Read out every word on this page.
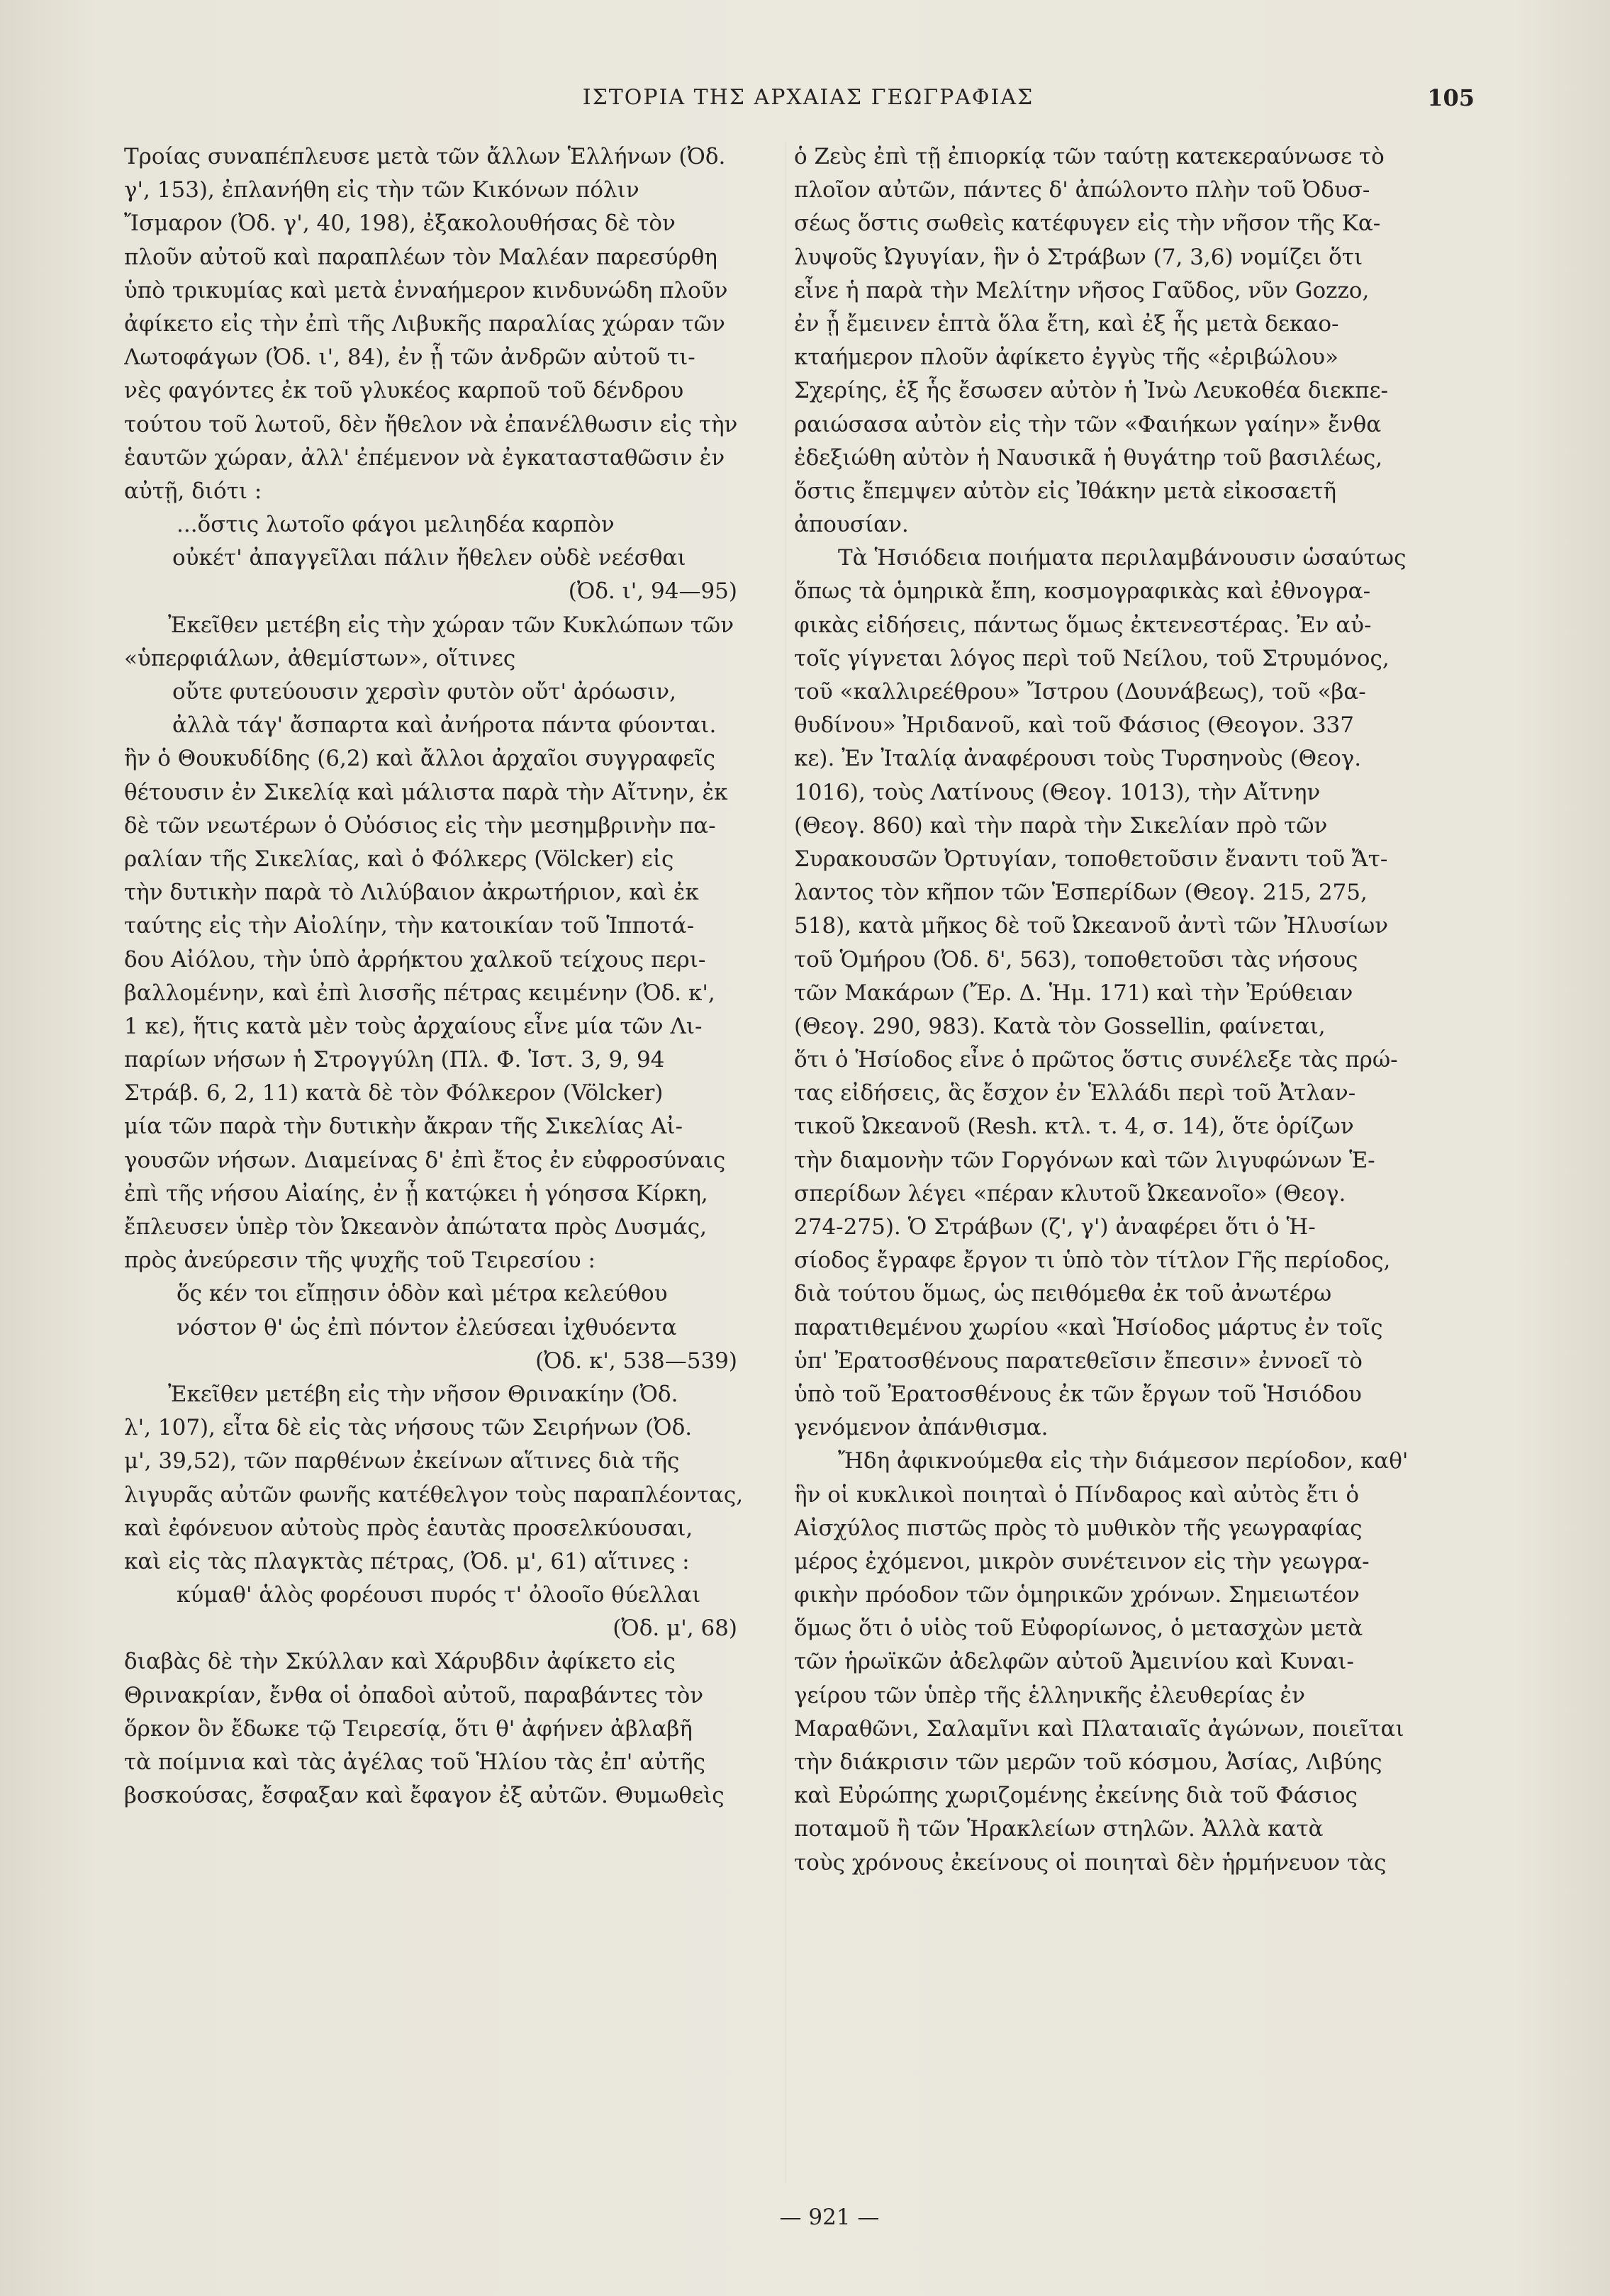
ΙΣΤΟΡΙΑ ΤΗΣ ΑΡΧΑΙΑΣ ΓΕΩΓΡΑΦΙΑΣ	105
Τροίας συναπέπλευσε μετὰ τῶν ἄλλων Ἑλλήνων (Ὀδ.
γ', 153), ἐπλανήθη εἰς τὴν τῶν Κικόνων πόλιν
Ἴσμαρον (Ὀδ. γ', 40, 198), ἐξακολουθήσας δὲ τὸν
πλοῦν αὐτοῦ καὶ παραπλέων τὸν Μαλέαν παρεσύρθη
ὑπὸ τρικυμίας καὶ μετὰ ἐνναήμερον κινδυνώδη πλοῦν
ἀφίκετο εἰς τὴν ἐπὶ τῆς Λιβυκῆς παραλίας χώραν τῶν
Λωτοφάγων (Ὀδ. ι', 84), ἐν ᾗ τῶν ἀνδρῶν αὐτοῦ τι-
νὲς φαγόντες ἐκ τοῦ γλυκέος καρποῦ τοῦ δένδρου
τούτου τοῦ λωτοῦ, δὲν ἤθελον νὰ ἐπανέλθωσιν εἰς τὴν
ἑαυτῶν χώραν, ἀλλ' ἐπέμενον νὰ ἐγκατασταθῶσιν ἐν
αὐτῇ, διότι :
...ὅστις λωτοῖο φάγοι μελιηδέα καρπὸν
οὐκέτ' ἀπαγγεῖλαι πάλιν ἤθελεν οὐδὲ νεέσθαι
(Ὀδ. ι', 94—95)
Ἐκεῖθεν μετέβη εἰς τὴν χώραν τῶν Κυκλώπων τῶν
«ὑπερφιάλων, ἀθεμίστων», οἵτινες
οὔτε φυτεύουσιν χερσὶν φυτὸν οὔτ' ἀρόωσιν,
ἀλλὰ τάγ' ἄσπαρτα καὶ ἀνήροτα πάντα φύονται.
ἣν ὁ Θουκυδίδης (6,2) καὶ ἄλλοι ἀρχαῖοι συγγραφεῖς
θέτουσιν ἐν Σικελίᾳ καὶ μάλιστα παρὰ τὴν Αἴτνην, ἐκ
δὲ τῶν νεωτέρων ὁ Οὐόσιος εἰς τὴν μεσημβρινὴν πα-
ραλίαν τῆς Σικελίας, καὶ ὁ Φόλκερς (Völcker) εἰς
τὴν δυτικὴν παρὰ τὸ Λιλύβαιον ἀκρωτήριον, καὶ ἐκ
ταύτης εἰς τὴν Αἰολίην, τὴν κατοικίαν τοῦ Ἱπποτά-
δου Αἰόλου, τὴν ὑπὸ ἀρρήκτου χαλκοῦ τείχους περι-
βαλλομένην, καὶ ἐπὶ λισσῆς πέτρας κειμένην (Ὀδ. κ',
1 κε), ἥτις κατὰ μὲν τοὺς ἀρχαίους εἶνε μία τῶν Λι-
παρίων νήσων ἡ Στρογγύλη (Πλ. Φ. Ἱστ. 3, 9, 94
Στράβ. 6, 2, 11) κατὰ δὲ τὸν Φόλκερον (Völcker)
μία τῶν παρὰ τὴν δυτικὴν ἄκραν τῆς Σικελίας Αἰ-
γουσῶν νήσων. Διαμείνας δ' ἐπὶ ἔτος ἐν εὐφροσύναις
ἐπὶ τῆς νήσου Αἰαίης, ἐν ᾗ κατῴκει ἡ γόησσα Κίρκη,
ἔπλευσεν ὑπὲρ τὸν Ὠκεανὸν ἀπώτατα πρὸς Δυσμάς,
πρὸς ἀνεύρεσιν τῆς ψυχῆς τοῦ Τειρεσίου :
ὅς κέν τοι εἴπῃσιν ὁδὸν καὶ μέτρα κελεύθου
νόστον θ' ὡς ἐπὶ πόντον ἐλεύσεαι ἰχθυόεντα
(Ὀδ. κ', 538—539)
Ἐκεῖθεν μετέβη εἰς τὴν νῆσον Θρινακίην (Ὀδ.
λ', 107), εἶτα δὲ εἰς τὰς νήσους τῶν Σειρήνων (Ὀδ.
μ', 39,52), τῶν παρθένων ἐκείνων αἵτινες διὰ τῆς
λιγυρᾶς αὐτῶν φωνῆς κατέθελγον τοὺς παραπλέοντας,
καὶ ἐφόνευον αὐτοὺς πρὸς ἑαυτὰς προσελκύουσαι,
καὶ εἰς τὰς πλαγκτὰς πέτρας, (Ὀδ. μ', 61) αἵτινες :
κύμαθ' ἁλὸς φορέουσι πυρός τ' ὀλοοῖο θύελλαι
(Ὀδ. μ', 68)
διαβὰς δὲ τὴν Σκύλλαν καὶ Χάρυβδιν ἀφίκετο εἰς
Θρινακρίαν, ἔνθα οἱ ὀπαδοὶ αὐτοῦ, παραβάντες τὸν
ὅρκον ὃν ἔδωκε τῷ Τειρεσίᾳ, ὅτι θ' ἀφήνεν ἀβλαβῆ
τὰ ποίμνια καὶ τὰς ἀγέλας τοῦ Ἡλίου τὰς ἐπ' αὐτῆς
βοσκούσας, ἔσφαξαν καὶ ἔφαγον ἐξ αὐτῶν. Θυμωθεὶς
ὁ Ζεὺς ἐπὶ τῇ ἐπιορκίᾳ τῶν ταύτῃ κατεκεραύνωσε τὸ
πλοῖον αὐτῶν, πάντες δ' ἀπώλοντο πλὴν τοῦ Ὀδυσ-
σέως ὅστις σωθεὶς κατέφυγεν εἰς τὴν νῆσον τῆς Κα-
λυψοῦς Ὠγυγίαν, ἣν ὁ Στράβων (7, 3,6) νομίζει ὅτι
εἶνε ἡ παρὰ τὴν Μελίτην νῆσος Γαῦδος, νῦν Gozzo,
ἐν ᾗ ἔμεινεν ἑπτὰ ὅλα ἔτη, καὶ ἐξ ἧς μετὰ δεκαο-
κταήμερον πλοῦν ἀφίκετο ἐγγὺς τῆς «ἐριβώλου»
Σχερίης, ἐξ ἧς ἔσωσεν αὐτὸν ἡ Ἰνὼ Λευκοθέα διεκπε-
ραιώσασα αὐτὸν εἰς τὴν τῶν «Φαιήκων γαίην» ἔνθα
ἐδεξιώθη αὐτὸν ἡ Ναυσικᾶ ἡ θυγάτηρ τοῦ βασιλέως,
ὅστις ἔπεμψεν αὐτὸν εἰς Ἰθάκην μετὰ εἰκοσαετῆ
ἀπουσίαν.
Τὰ Ἡσιόδεια ποιήματα περιλαμβάνουσιν ὡσαύτως
ὅπως τὰ ὁμηρικὰ ἔπη, κοσμογραφικὰς καὶ ἐθνογρα-
φικὰς εἰδήσεις, πάντως ὅμως ἐκτενεστέρας. Ἐν αὐ-
τοῖς γίγνεται λόγος περὶ τοῦ Νείλου, τοῦ Στρυμόνος,
τοῦ «καλλιρεέθρου» Ἴστρου (Δουνάβεως), τοῦ «βα-
θυδίνου» Ἠριδανοῦ, καὶ τοῦ Φάσιος (Θεογον. 337
κε). Ἐν Ἰταλίᾳ ἀναφέρουσι τοὺς Τυρσηνοὺς (Θεογ.
1016), τοὺς Λατίνους (Θεογ. 1013), τὴν Αἴτνην
(Θεογ. 860) καὶ τὴν παρὰ τὴν Σικελίαν πρὸ τῶν
Συρακουσῶν Ὀρτυγίαν, τοποθετοῦσιν ἔναντι τοῦ Ἄτ-
λαντος τὸν κῆπον τῶν Ἑσπερίδων (Θεογ. 215, 275,
518), κατὰ μῆκος δὲ τοῦ Ὠκεανοῦ ἀντὶ τῶν Ἠλυσίων
τοῦ Ὁμήρου (Ὀδ. δ', 563), τοποθετοῦσι τὰς νήσους
τῶν Μακάρων (Ἔρ. Δ. Ἡμ. 171) καὶ τὴν Ἐρύθειαν
(Θεογ. 290, 983). Κατὰ τὸν Gossellin, φαίνεται,
ὅτι ὁ Ἡσίοδος εἶνε ὁ πρῶτος ὅστις συνέλεξε τὰς πρώ-
τας εἰδήσεις, ἃς ἔσχον ἐν Ἑλλάδι περὶ τοῦ Ἀτλαν-
τικοῦ Ὠκεανοῦ (Resh. κτλ. τ. 4, σ. 14), ὅτε ὁρίζων
τὴν διαμονὴν τῶν Γοργόνων καὶ τῶν λιγυφώνων Ἑ-
σπερίδων λέγει «πέραν κλυτοῦ Ὠκεανοῖο» (Θεογ.
274-275). Ὁ Στράβων (ζ', γ') ἀναφέρει ὅτι ὁ Ἡ-
σίοδος ἔγραφε ἔργον τι ὑπὸ τὸν τίτλον Γῆς περίοδος,
διὰ τούτου ὅμως, ὡς πειθόμεθα ἐκ τοῦ ἀνωτέρω
παρατιθεμένου χωρίου «καὶ Ἡσίοδος μάρτυς ἐν τοῖς
ὑπ' Ἐρατοσθένους παρατεθεῖσιν ἔπεσιν» ἐννοεῖ τὸ
ὑπὸ τοῦ Ἐρατοσθένους ἐκ τῶν ἔργων τοῦ Ἡσιόδου
γενόμενον ἀπάνθισμα.
Ἤδη ἀφικνούμεθα εἰς τὴν διάμεσον περίοδον, καθ'
ἣν οἱ κυκλικοὶ ποιηταὶ ὁ Πίνδαρος καὶ αὐτὸς ἔτι ὁ
Αἰσχύλος πιστῶς πρὸς τὸ μυθικὸν τῆς γεωγραφίας
μέρος ἐχόμενοι, μικρὸν συνέτεινον εἰς τὴν γεωγρα-
φικὴν πρόοδον τῶν ὁμηρικῶν χρόνων. Σημειωτέον
ὅμως ὅτι ὁ υἱὸς τοῦ Εὐφορίωνος, ὁ μετασχὼν μετὰ
τῶν ἡρωϊκῶν ἀδελφῶν αὐτοῦ Ἀμεινίου καὶ Κυναι-
γείρου τῶν ὑπὲρ τῆς ἑλληνικῆς ἐλευθερίας ἐν
Μαραθῶνι, Σαλαμῖνι καὶ Πλαταιαῖς ἀγώνων, ποιεῖται
τὴν διάκρισιν τῶν μερῶν τοῦ κόσμου, Ἀσίας, Λιβύης
καὶ Εὐρώπης χωριζομένης ἐκείνης διὰ τοῦ Φάσιος
ποταμοῦ ἢ τῶν Ἡρακλείων στηλῶν. Ἀλλὰ κατὰ
τοὺς χρόνους ἐκείνους οἱ ποιηταὶ δὲν ἡρμήνευον τὰς
— 921 —
